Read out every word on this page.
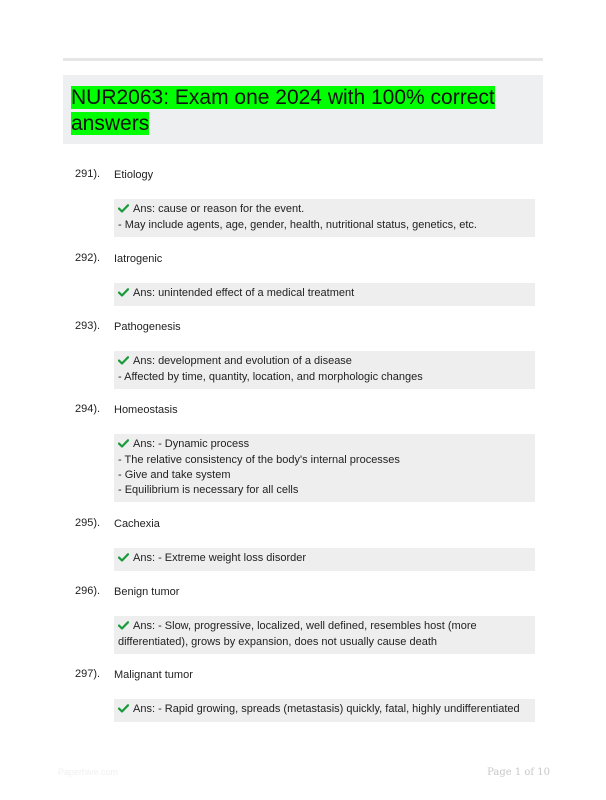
NUR2063: Exam one 2024 with 100% correct answers
291). Etiology
Ans: cause or reason for the event.
- May include agents, age, gender, health, nutritional status, genetics, etc.
292). Iatrogenic
Ans: unintended effect of a medical treatment
293). Pathogenesis
Ans: development and evolution of a disease
- Affected by time, quantity, location, and morphologic changes
294). Homeostasis
Ans: - Dynamic process
- The relative consistency of the body's internal processes
- Give and take system
- Equilibrium is necessary for all cells
295). Cachexia
Ans: - Extreme weight loss disorder
296). Benign tumor
Ans: - Slow, progressive, localized, well defined, resembles host (more
differentiated), grows by expansion, does not usually cause death
297). Malignant tumor
Ans: - Rapid growing, spreads (metastasis) quickly, fatal, highly undifferentiated
Paperhive.com	Page 1 of 10
